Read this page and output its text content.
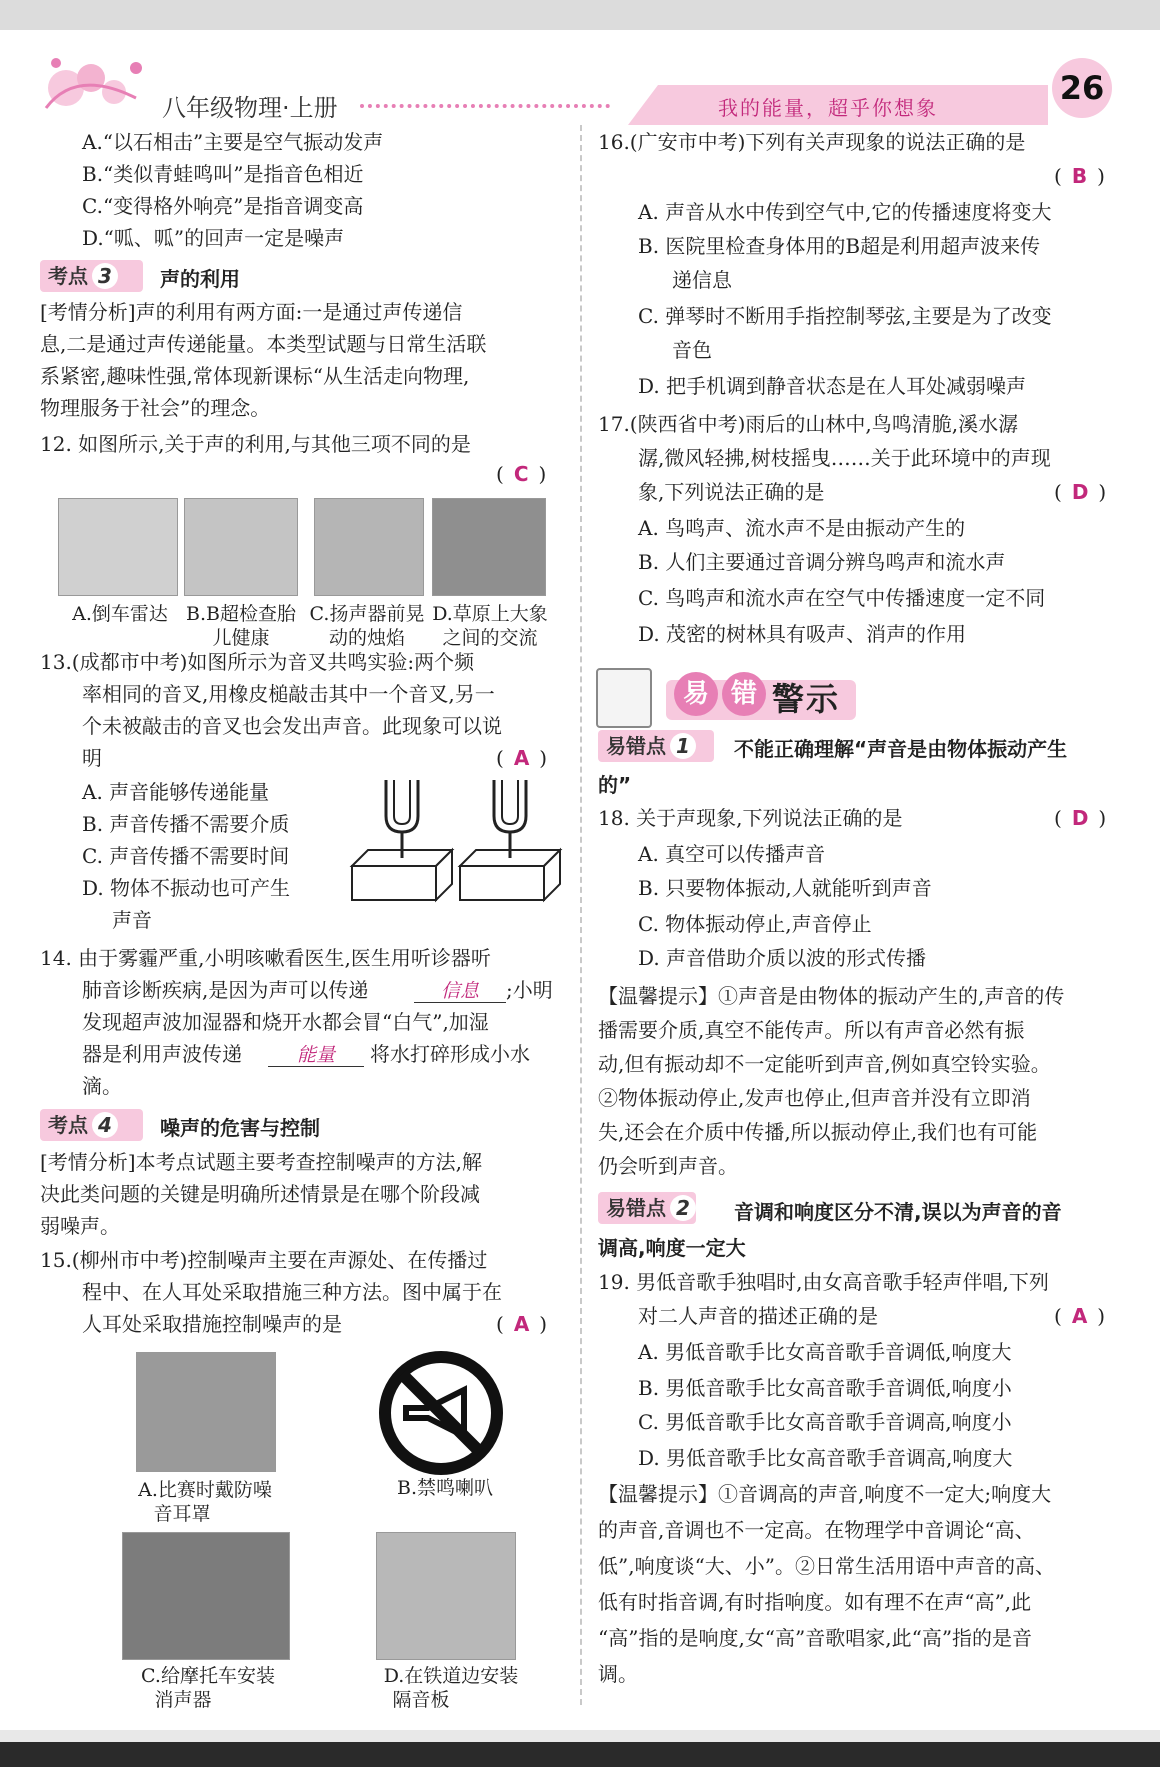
八年级物理·上册	我的能量，超乎你想象
26
A.“以石相击”主要是空气振动发声
B.“类似青蛙鸣叫”是指音色相近
C.“变得格外响亮”是指音调变高
D.“呱、呱”的回声一定是噪声
考点 3	声的利用
[考情分析]声的利用有两方面:一是通过声传递信
息,二是通过声传递能量。本类型试题与日常生活联
系紧密,趣味性强,常体现新课标“从生活走向物理,
物理服务于社会”的理念。
12. 如图所示,关于声的利用,与其他三项不同的是
( C )
A.倒车雷达 B.B超检查胎
儿健康
C.扬声器前晃
动的烛焰
D.草原上大象
之间的交流
13.(成都市中考)如图所示为音叉共鸣实验:两个频
率相同的音叉,用橡皮槌敲击其中一个音叉,另一
个未被敲击的音叉也会发出声音。此现象可以说
明	( A )
A. 声音能够传递能量
B. 声音传播不需要介质
C. 声音传播不需要时间
D. 物体不振动也可产生
声音
14. 由于雾霾严重,小明咳嗽看医生,医生用听诊器听
肺音诊断疾病,是因为声可以传递	信息	;小明
发现超声波加湿器和烧开水都会冒“白气”,加湿
器是利用声波传递	能量	将水打碎形成小水
滴。
考点 4	噪声的危害与控制
[考情分析]本考点试题主要考查控制噪声的方法,解
决此类问题的关键是明确所述情景是在哪个阶段减
弱噪声。
15.(柳州市中考)控制噪声主要在声源处、在传播过
程中、在人耳处采取措施三种方法。图中属于在
人耳处采取措施控制噪声的是	( A )
A.比赛时戴防噪
音耳罩
B.禁鸣喇叭
C.给摩托车安装
消声器
D.在铁道边安装
隔音板
16.(广安市中考)下列有关声现象的说法正确的是
( B )
A. 声音从水中传到空气中,它的传播速度将变大
B. 医院里检查身体用的B超是利用超声波来传
递信息
C. 弹琴时不断用手指控制琴弦,主要是为了改变
音色
D. 把手机调到静音状态是在人耳处减弱噪声
17.(陕西省中考)雨后的山林中,鸟鸣清脆,溪水潺
潺,微风轻拂,树枝摇曳……关于此环境中的声现
象,下列说法正确的是	( D )
A. 鸟鸣声、流水声不是由振动产生的
B. 人们主要通过音调分辨鸟鸣声和流水声
C. 鸟鸣声和流水声在空气中传播速度一定不同
D. 茂密的树林具有吸声、消声的作用
易 错 警示
易错点 1	不能正确理解“声音是由物体振动产生
的”
18. 关于声现象,下列说法正确的是	( D )
A. 真空可以传播声音
B. 只要物体振动,人就能听到声音
C. 物体振动停止,声音停止
D. 声音借助介质以波的形式传播
【温馨提示】①声音是由物体的振动产生的,声音的传
播需要介质,真空不能传声。所以有声音必然有振
动,但有振动却不一定能听到声音,例如真空铃实验。
②物体振动停止,发声也停止,但声音并没有立即消
失,还会在介质中传播,所以振动停止,我们也有可能
仍会听到声音。
易错点 2	音调和响度区分不清,误以为声音的音
调高,响度一定大
19. 男低音歌手独唱时,由女高音歌手轻声伴唱,下列
对二人声音的描述正确的是	( A )
A. 男低音歌手比女高音歌手音调低,响度大
B. 男低音歌手比女高音歌手音调低,响度小
C. 男低音歌手比女高音歌手音调高,响度小
D. 男低音歌手比女高音歌手音调高,响度大
【温馨提示】①音调高的声音,响度不一定大;响度大
的声音,音调也不一定高。在物理学中音调论“高、
低”,响度谈“大、小”。②日常生活用语中声音的高、
低有时指音调,有时指响度。如有理不在声“高”,此
“高”指的是响度,女“高”音歌唱家,此“高”指的是音
调。
